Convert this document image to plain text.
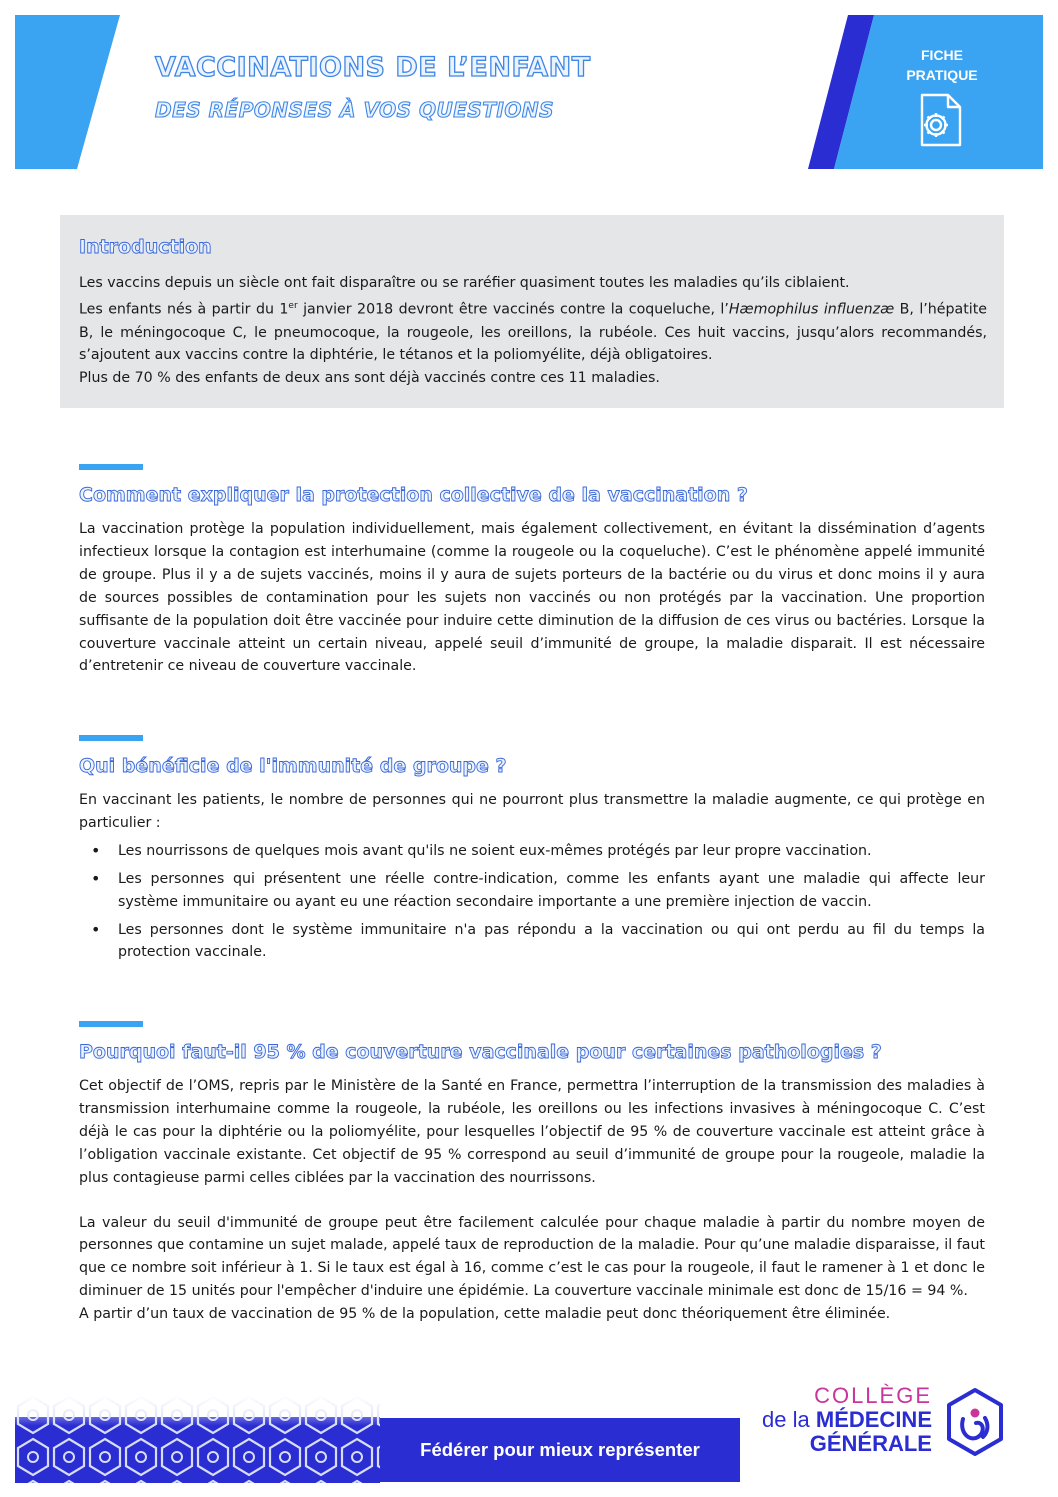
VACCINATIONS DE L’ENFANT
DES RÉPONSES À VOS QUESTIONS
FICHE
PRATIQUE
Introduction

Les vaccins depuis un siècle ont fait disparaître ou se raréfier quasiment toutes les maladies qu’ils ciblaient.

Les enfants nés à partir du 1er janvier 2018 devront être vaccinés contre la coqueluche, l’Hæmophilus influenzæ B, l’hépatite B, le méningocoque C, le pneumocoque, la rougeole, les oreillons, la rubéole. Ces huit vaccins, jusqu’alors recommandés, s’ajoutent aux vaccins contre la diphtérie, le tétanos et la poliomyélite, déjà obligatoires.

Plus de 70 % des enfants de deux ans sont déjà vaccinés contre ces 11 maladies.

Comment expliquer la protection collective de la vaccination ?

La vaccination protège la population individuellement, mais également collectivement, en évitant la dissémination d’agents infectieux lorsque la contagion est interhumaine (comme la rougeole ou la coqueluche). C’est le phénomène appelé immunité de groupe. Plus il y a de sujets vaccinés, moins il y aura de sujets porteurs de la bactérie ou du virus et donc moins il y aura de sources possibles de contamination pour les sujets non vaccinés ou non protégés par la vaccination. Une proportion suffisante de la population doit être vaccinée pour induire cette diminution de la diffusion de ces virus ou bactéries. Lorsque la couverture vaccinale atteint un certain niveau, appelé seuil d’immunité de groupe, la maladie disparait. Il est nécessaire d’entretenir ce niveau de couverture vaccinale.

Qui bénéficie de l'immunité de groupe ?

En vaccinant les patients, le nombre de personnes qui ne pourront plus transmettre la maladie augmente, ce qui protège en particulier :

• Les nourrissons de quelques mois avant qu'ils ne soient eux-mêmes protégés par leur propre vaccination.
• Les personnes qui présentent une réelle contre-indication, comme les enfants ayant une maladie qui affecte leur système immunitaire ou ayant eu une réaction secondaire importante a une première injection de vaccin.
• Les personnes dont le système immunitaire n'a pas répondu a la vaccination ou qui ont perdu au fil du temps la protection vaccinale.
Pourquoi faut-il 95 % de couverture vaccinale pour certaines pathologies ?

Cet objectif de l’OMS, repris par le Ministère de la Santé en France, permettra l’interruption de la transmission des maladies à transmission interhumaine comme la rougeole, la rubéole, les oreillons ou les infections invasives à méningocoque C. C’est déjà le cas pour la diphtérie ou la poliomyélite, pour lesquelles l’objectif de 95 % de couverture vaccinale est atteint grâce à l’obligation vaccinale existante. Cet objectif de 95 % correspond au seuil d’immunité de groupe pour la rougeole, maladie la plus contagieuse parmi celles ciblées par la vaccination des nourrissons.

La valeur du seuil d'immunité de groupe peut être facilement calculée pour chaque maladie à partir du nombre moyen de personnes que contamine un sujet malade, appelé taux de reproduction de la maladie. Pour qu’une maladie disparaisse, il faut que ce nombre soit inférieur à 1. Si le taux est égal à 16, comme c’est le cas pour la rougeole, il faut le ramener à 1 et donc le diminuer de 15 unités pour l'empêcher d'induire une épidémie. La couverture vaccinale minimale est donc de 15/16 = 94 %.

A partir d’un taux de vaccination de 95 % de la population, cette maladie peut donc théoriquement être éliminée.

Fédérer pour mieux représenter
COLLÈGE
de la MÉDECINE
GÉNÉRALE
